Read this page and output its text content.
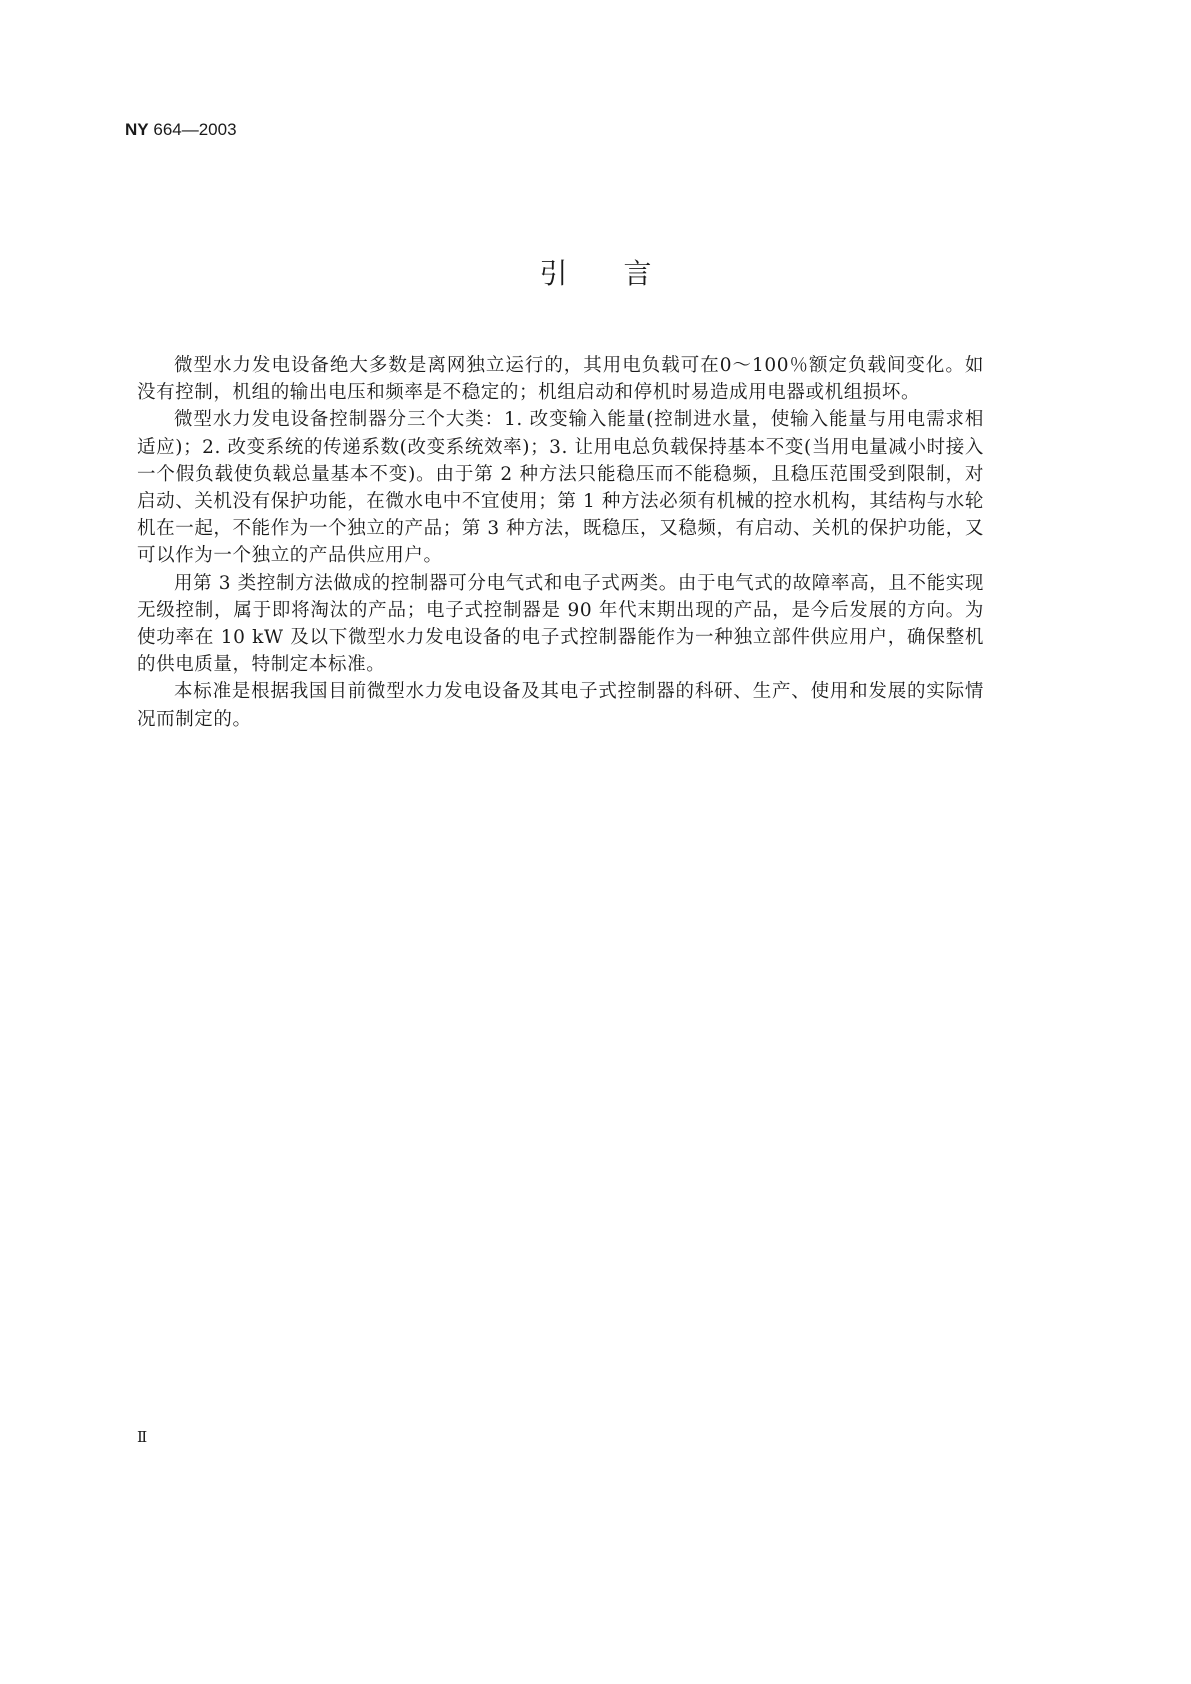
NY 664—2003
引言

微型水力发电设备绝大多数是离网独立运行的，其用电负载可在0～100％额定负载间变化。如没有控制，机组的输出电压和频率是不稳定的；机组启动和停机时易造成用电器或机组损坏。

微型水力发电设备控制器分三个大类：1. 改变输入能量(控制进水量，使输入能量与用电需求相适应)；2. 改变系统的传递系数(改变系统效率)；3. 让用电总负载保持基本不变(当用电量减小时接入一个假负载使负载总量基本不变)。由于第 2 种方法只能稳压而不能稳频，且稳压范围受到限制，对启动、关机没有保护功能，在微水电中不宜使用；第 1 种方法必须有机械的控水机构，其结构与水轮机在一起，不能作为一个独立的产品；第 3 种方法，既稳压，又稳频，有启动、关机的保护功能，又可以作为一个独立的产品供应用户。

用第 3 类控制方法做成的控制器可分电气式和电子式两类。由于电气式的故障率高，且不能实现无级控制，属于即将淘汰的产品；电子式控制器是 90 年代末期出现的产品，是今后发展的方向。为使功率在 10 kW 及以下微型水力发电设备的电子式控制器能作为一种独立部件供应用户，确保整机的供电质量，特制定本标准。

本标准是根据我国目前微型水力发电设备及其电子式控制器的科研、生产、使用和发展的实际情况而制定的。

Ⅱ
